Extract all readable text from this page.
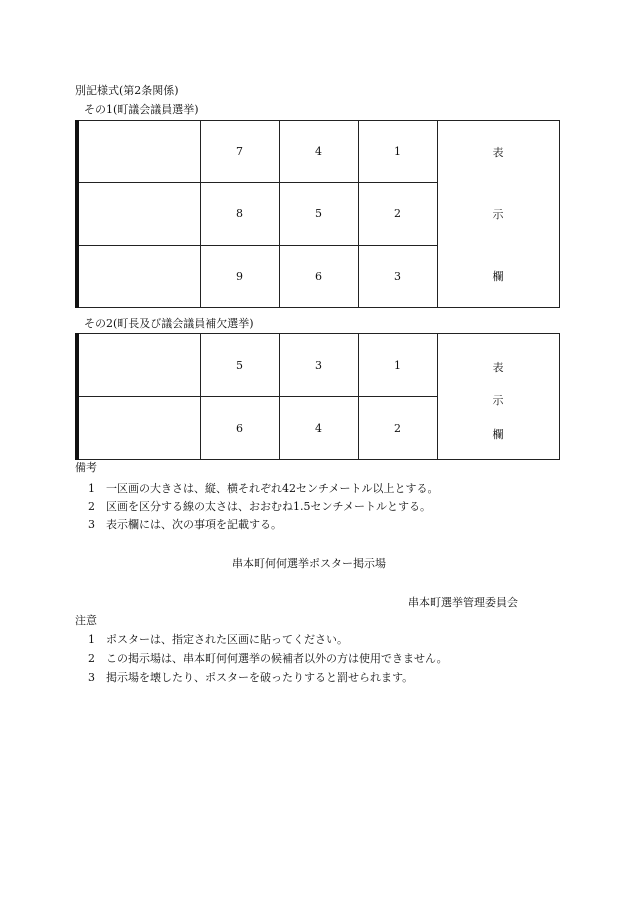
別記様式(第2条関係)
その1(町議会議員選挙)
	7	4	1	表
示
欄

	8	5	2	
	9	6	3	
その2(町長及び議会議員補欠選挙)
	5	3	1	表
示
欄

	6	4	2	
備考
1 一区画の大きさは、縦、横それぞれ42センチメートル以上とする。
2 区画を区分する線の太さは、おおむね1.5センチメートルとする。
3 表示欄には、次の事項を記載する。
串本町何何選挙ポスター掲示場
串本町選挙管理委員会
注意
1 ポスターは、指定された区画に貼ってください。
2 この掲示場は、串本町何何選挙の候補者以外の方は使用できません。
3 掲示場を壊したり、ポスターを破ったりすると罰せられます。
